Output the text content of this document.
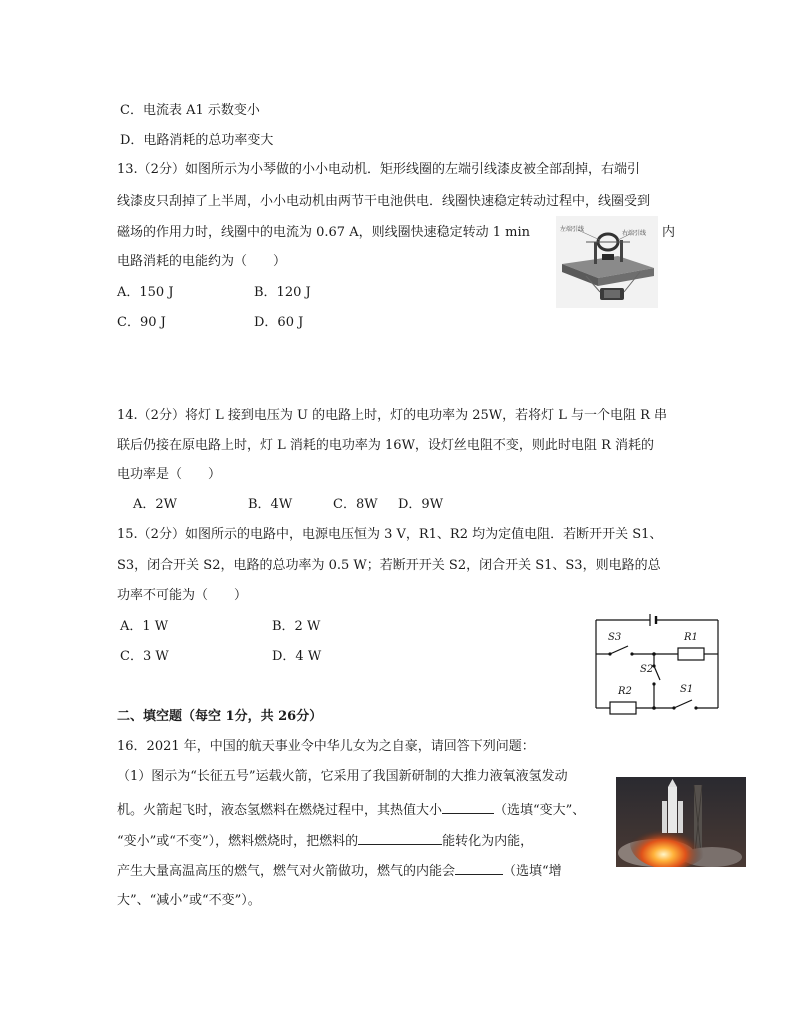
C．电流表 A1 示数变小
D．电路消耗的总功率变大
13.（2分）如图所示为小琴做的小小电动机．矩形线圈的左端引线漆皮被全部刮掉，右端引
线漆皮只刮掉了上半周，小小电动机由两节干电池供电．线圈快速稳定转动过程中，线圈受到
磁场的作用力时，线圈中的电流为 0.67 A，则线圈快速稳定转动 1 min	内
电路消耗的电能约为（　　）
A．150 J	B．120 J
C．90 J	D．60 J
左端引线
右端引线
14.（2分）将灯 L 接到电压为 U 的电路上时，灯的电功率为 25W，若将灯 L 与一个电阻 R 串
联后仍接在原电路上时，灯 L 消耗的电功率为 16W，设灯丝电阻不变，则此时电阻 R 消耗的
电功率是（　　）
A．2W	B．4W	C．8W D．9W
15.（2分）如图所示的电路中，电源电压恒为 3 V，R1、R2 均为定值电阻．若断开开关 S1、
S3，闭合开关 S2，电路的总功率为 0.5 W；若断开开关 S2，闭合开关 S1、S3，则电路的总
功率不可能为（　　）
A．1 W	B．2 W
C．3 W	D．4 W
S3	R1
S2
R2	S1
二、填空题（每空 1分，共 26分）
16．2021 年，中国的航天事业令中华儿女为之自豪，请回答下列问题：
（1）图示为“长征五号”运载火箭，它采用了我国新研制的大推力液氧液氢发动
机。火箭起飞时，液态氢燃料在燃烧过程中，其热值大小	（选填“变大”、
“变小”或“不变”），燃料燃烧时，把燃料的	能转化为内能，
产生大量高温高压的燃气，燃气对火箭做功，燃气的内能会	（选填“增
大”、“减小”或“不变”）。
